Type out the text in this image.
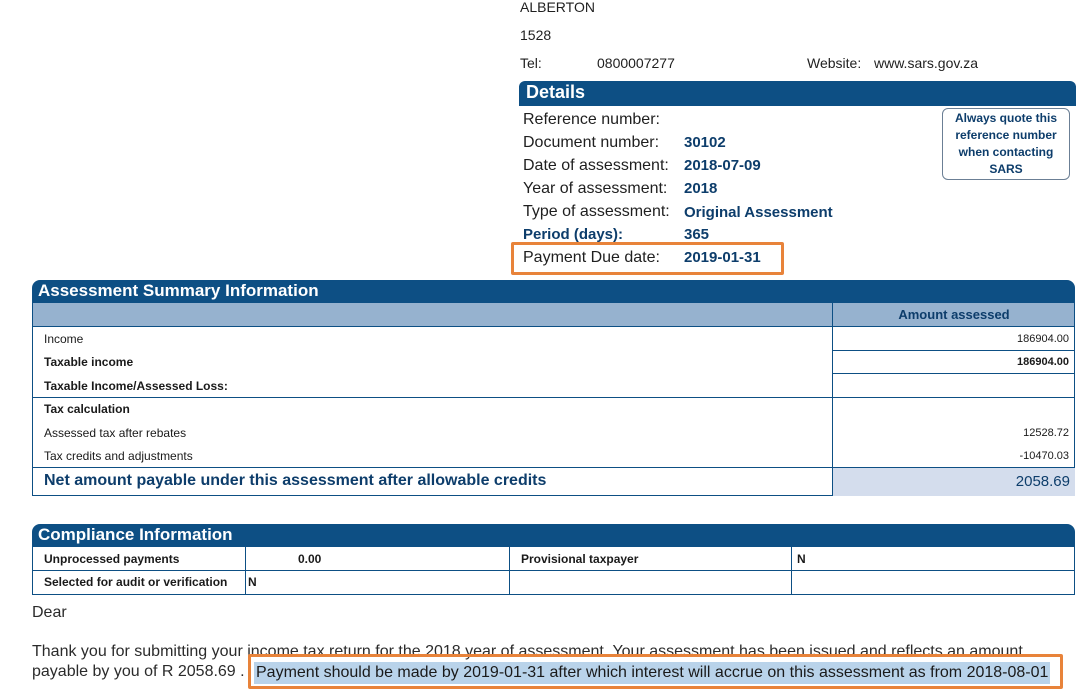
ALBERTON
1528
Tel:	0800007277	Website: www.sars.gov.za
Details
Reference number:
Document number: 30102
Date of assessment: 2018-07-09
Year of assessment: 2018
Type of assessment: Original Assessment
Period (days):	365
Payment Due date: 2019-01-31
Always quote this reference number when contacting SARS
Assessment Summary Information
Amount assessed
Income	186904.00
Taxable income	186904.00
Taxable Income/Assessed Loss:
Tax calculation
Assessed tax after rebates	12528.72
Tax credits and adjustments	-10470.03
Net amount payable under this assessment after allowable credits	2058.69
Compliance Information
Unprocessed payments	0.00	Provisional taxpayer	N
Selected for audit or verification N
Dear
Thank you for submitting your income tax return for the 2018 year of assessment. Your assessment has been issued and reflects an amount
payable by you of R 2058.69 . Payment should be made by 2019-01-31 after which interest will accrue on this assessment as from 2018-08-01
